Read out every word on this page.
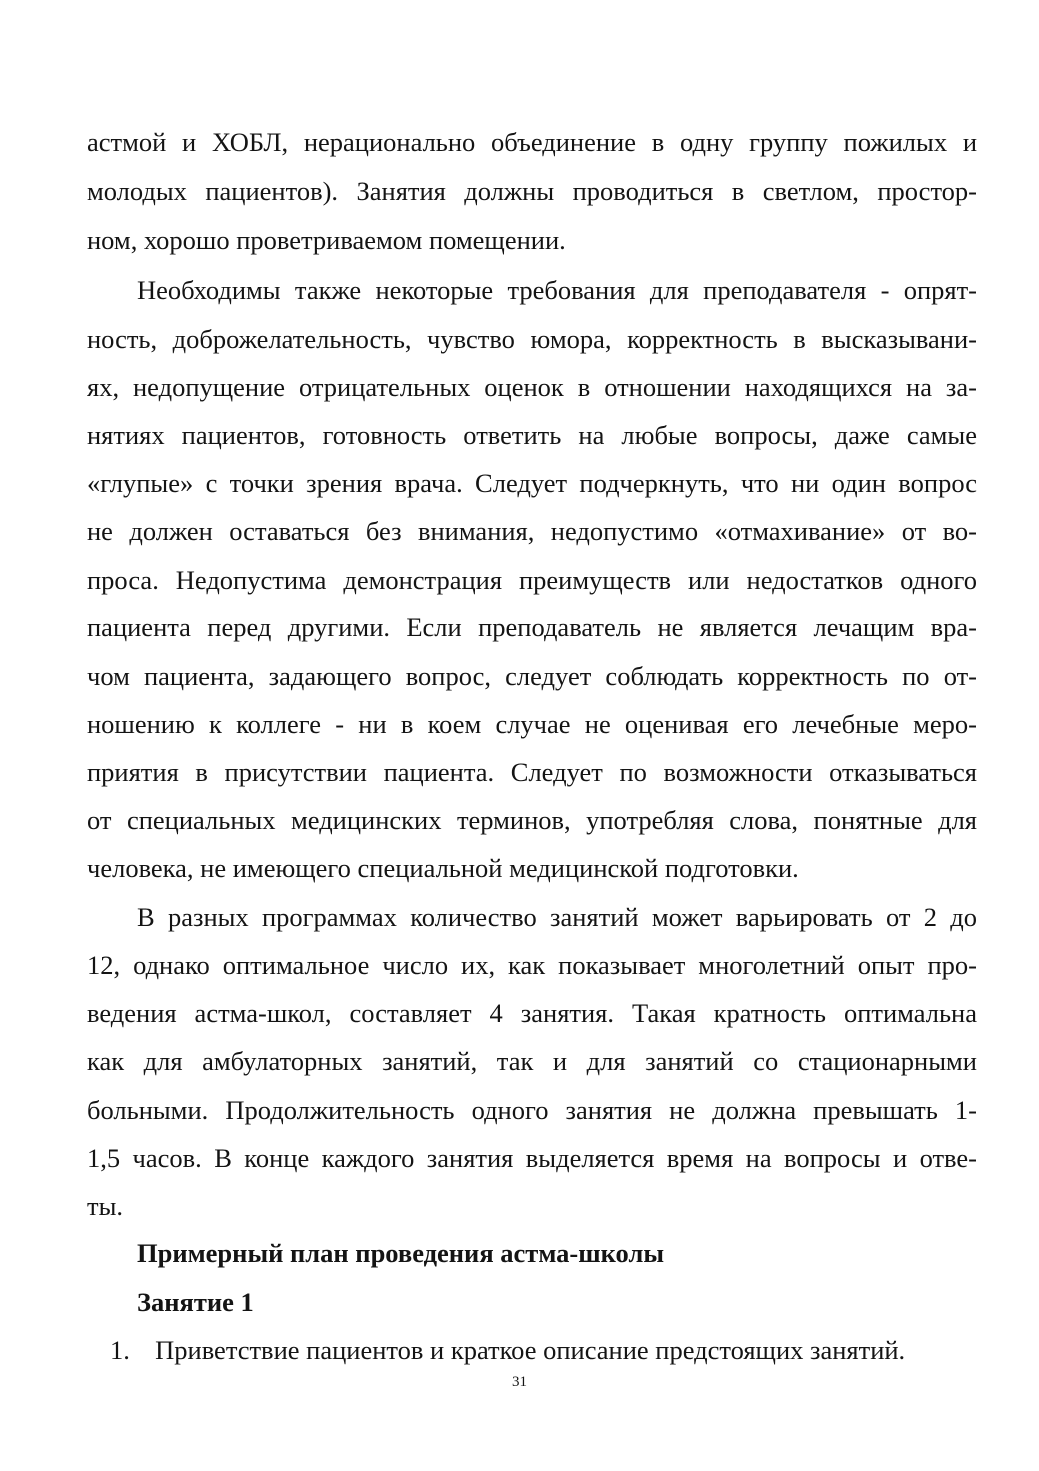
астмой и ХОБЛ, нерационально объединение в одну группу пожилых и
молодых пациентов). Занятия должны проводиться в светлом, простор-
ном, хорошо проветриваемом помещении.
Необходимы также некоторые требования для преподавателя - опрят-
ность, доброжелательность, чувство юмора, корректность в высказывани-
ях, недопущение отрицательных оценок в отношении находящихся на за-
нятиях пациентов, готовность ответить на любые вопросы, даже самые
«глупые» с точки зрения врача. Следует подчеркнуть, что ни один вопрос
не должен оставаться без внимания, недопустимо «отмахивание» от во-
проса. Недопустима демонстрация преимуществ или недостатков одного
пациента перед другими. Если преподаватель не является лечащим вра-
чом пациента, задающего вопрос, следует соблюдать корректность по от-
ношению к коллеге - ни в коем случае не оценивая его лечебные меро-
приятия в присутствии пациента. Следует по возможности отказываться
от специальных медицинских терминов, употребляя слова, понятные для
человека, не имеющего специальной медицинской подготовки.
В разных программах количество занятий может варьировать от 2 до
12, однако оптимальное число их, как показывает многолетний опыт про-
ведения астма-школ, составляет 4 занятия. Такая кратность оптимальна
как для амбулаторных занятий, так и для занятий со стационарными
больными. Продолжительность одного занятия не должна превышать 1-
1,5 часов. В конце каждого занятия выделяется время на вопросы и отве-
ты.
Примерный план проведения астма-школы
Занятие 1
1. Приветствие пациентов и краткое описание предстоящих занятий.
31
